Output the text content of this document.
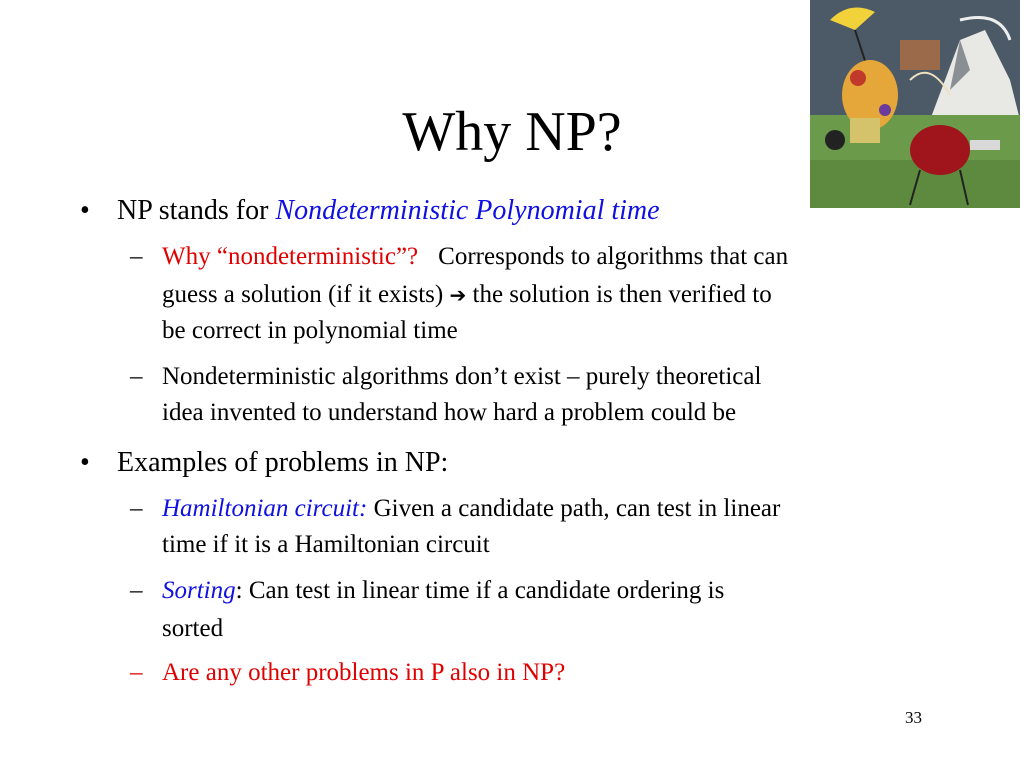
Why NP?
• NP stands for Nondeterministic Polynomial time
– Why “nondeterministic”? Corresponds to algorithms that can
guess a solution (if it exists) ➔ the solution is then verified to
be correct in polynomial time
– Nondeterministic algorithms don’t exist – purely theoretical
idea invented to understand how hard a problem could be
• Examples of problems in NP:
– Hamiltonian circuit: Given a candidate path, can test in linear
time if it is a Hamiltonian circuit
– Sorting: Can test in linear time if a candidate ordering is
sorted
– Are any other problems in P also in NP?
33
